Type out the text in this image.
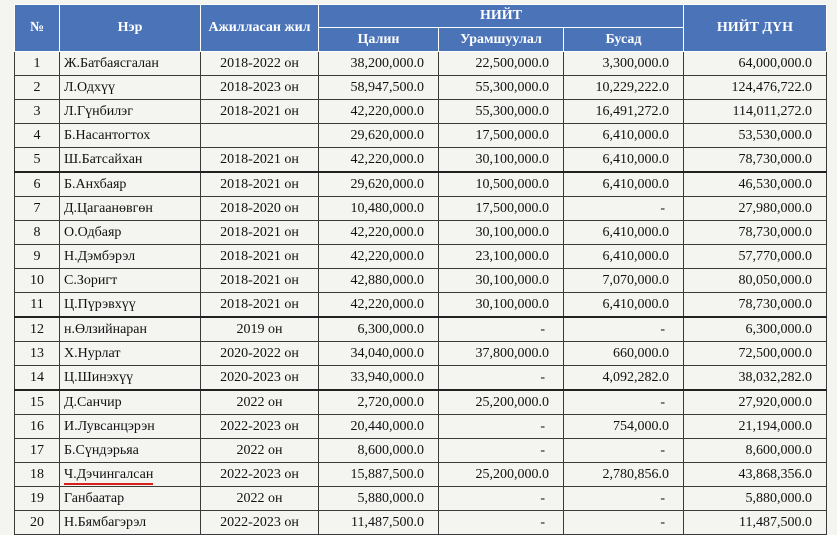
№	Нэр	Ажилласан жил	НИЙТ			НИЙТ ДҮН
			Цалин	Урамшуулал	Бусад	
1	Ж.Батбаясгалан	2018-2022 он	38,200,000.0	22,500,000.0	3,300,000.0	64,000,000.0
2	Л.Одхүү	2018-2023 он	58,947,500.0	55,300,000.0	10,229,222.0	124,476,722.0
3	Л.Гүнбилэг	2018-2021 он	42,220,000.0	55,300,000.0	16,491,272.0	114,011,272.0
4	Б.Насантогтох		29,620,000.0	17,500,000.0	6,410,000.0	53,530,000.0
5	Ш.Батсайхан	2018-2021 он	42,220,000.0	30,100,000.0	6,410,000.0	78,730,000.0
6	Б.Анхбаяр	2018-2021 он	29,620,000.0	10,500,000.0	6,410,000.0	46,530,000.0
7	Д.Цагаанөвгөн	2018-2020 он	10,480,000.0	17,500,000.0	-	27,980,000.0
8	О.Одбаяр	2018-2021 он	42,220,000.0	30,100,000.0	6,410,000.0	78,730,000.0
9	Н.Дэмбэрэл	2018-2021 он	42,220,000.0	23,100,000.0	6,410,000.0	57,770,000.0
10	С.Зоригт	2018-2021 он	42,880,000.0	30,100,000.0	7,070,000.0	80,050,000.0
11	Ц.Пүрэвхүү	2018-2021 он	42,220,000.0	30,100,000.0	6,410,000.0	78,730,000.0
12	н.Өлзийнаран	2019 он	6,300,000.0	-	-	6,300,000.0
13	Х.Нурлат	2020-2022 он	34,040,000.0	37,800,000.0	660,000.0	72,500,000.0
14	Ц.Шинэхүү	2020-2023 он	33,940,000.0	-	4,092,282.0	38,032,282.0
15	Д.Санчир	2022 он	2,720,000.0	25,200,000.0	-	27,920,000.0
16	И.Лувсанцэрэн	2022-2023 он	20,440,000.0	-	754,000.0	21,194,000.0
17	Б.Сүндэрьяа	2022 он	8,600,000.0	-	-	8,600,000.0
18	Ч.Дэчингалсан	2022-2023 он	15,887,500.0	25,200,000.0	2,780,856.0	43,868,356.0
19	Ганбаатар	2022 он	5,880,000.0	-	-	5,880,000.0
20	Н.Бямбагэрэл	2022-2023 он	11,487,500.0	-	-	11,487,500.0
